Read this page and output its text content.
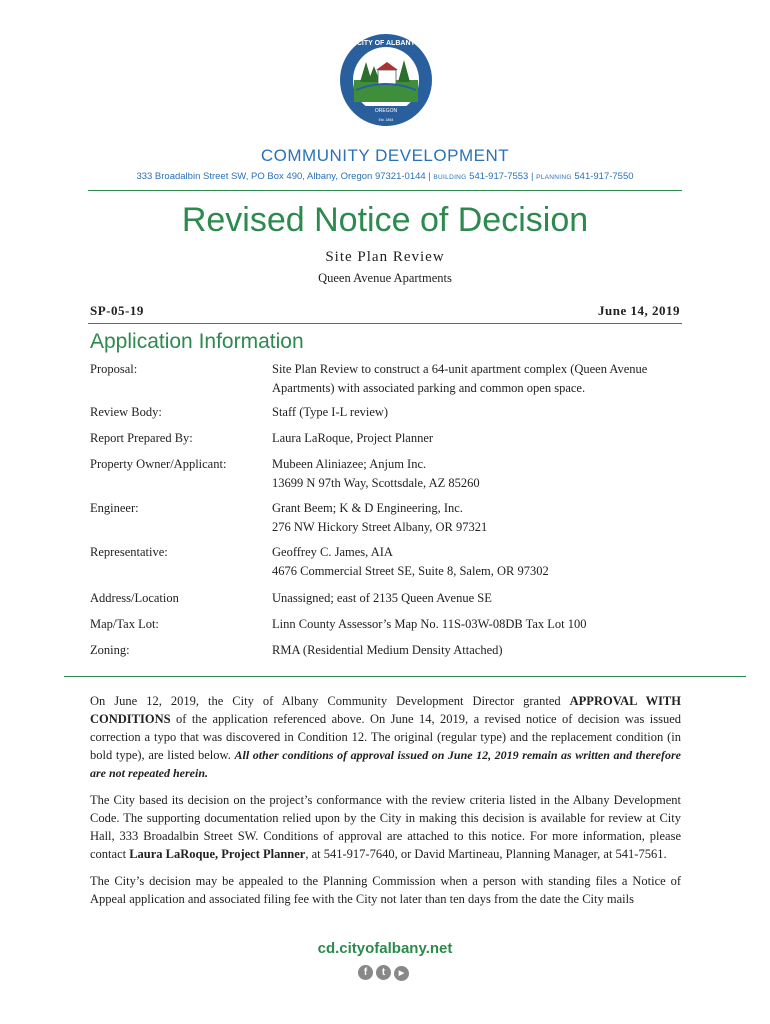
CITY OF ALBANY
OREGON
Est. 1864
COMMUNITY DEVELOPMENT
333 Broadalbin Street SW, PO Box 490, Albany, Oregon 97321-0144 | BUILDING 541-917-7553 | PLANNING 541-917-7550
Revised Notice of Decision
Site Plan Review
Queen Avenue Apartments
SP-05-19	June 14, 2019
Application Information
Proposal:	Site Plan Review to construct a 64-unit apartment complex (Queen Avenue
Apartments) with associated parking and common open space.
Review Body:	Staff (Type I-L review)
Report Prepared By:	Laura LaRoque, Project Planner
Property Owner/Applicant:	Mubeen Aliniazee; Anjum Inc.
13699 N 97th Way, Scottsdale, AZ 85260
Engineer:	Grant Beem; K & D Engineering, Inc.
276 NW Hickory Street Albany, OR 97321
Representative:	Geoffrey C. James, AIA
4676 Commercial Street SE, Suite 8, Salem, OR 97302
Address/Location	Unassigned; east of 2135 Queen Avenue SE
Map/Tax Lot:	Linn County Assessor’s Map No. 11S-03W-08DB Tax Lot 100
Zoning:	RMA (Residential Medium Density Attached)

On June 12, 2019, the City of Albany Community Development Director granted APPROVAL WITH CONDITIONS of the application referenced above. On June 14, 2019, a revised notice of decision was issued correction a typo that was discovered in Condition 12. The original (regular type) and the replacement condition (in bold type), are listed below. All other conditions of approval issued on June 12, 2019 remain as written and therefore are not repeated herein.

The City based its decision on the project’s conformance with the review criteria listed in the Albany Development Code. The supporting documentation relied upon by the City in making this decision is available for review at City Hall, 333 Broadalbin Street SW. Conditions of approval are attached to this notice. For more information, please contact Laura LaRoque, Project Planner, at 541-917-7640, or David Martineau, Planning Manager, at 541-7561.

The City’s decision may be appealed to the Planning Commission when a person with standing files a Notice of Appeal application and associated filing fee with the City not later than ten days from the date the City mails

cd.cityofalbany.net
f t ▶
